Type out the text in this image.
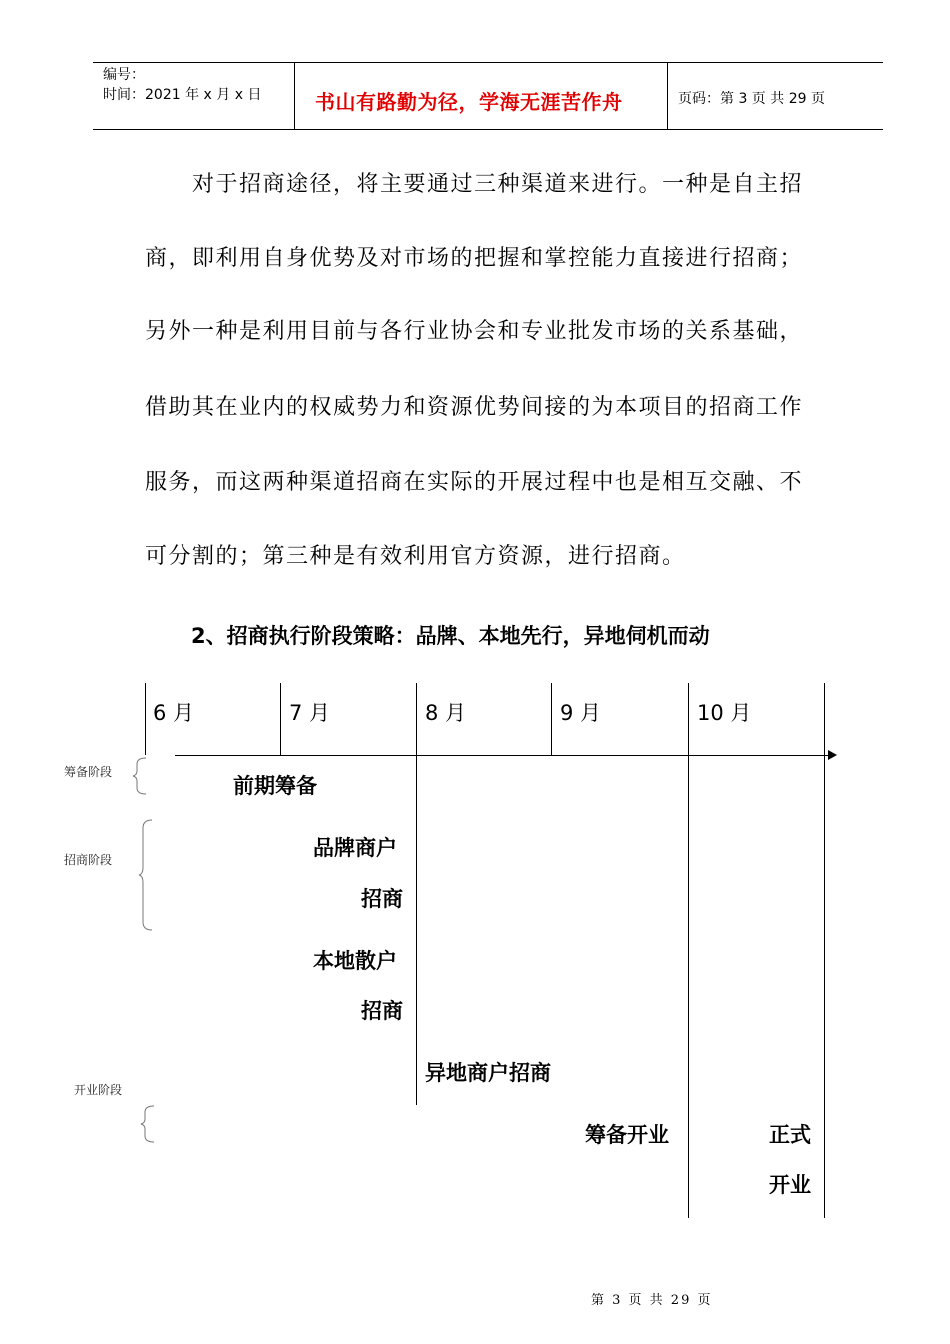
编号：
时间：2021 年 x 月 x 日	书山有路勤为径，学海无涯苦作舟	页码：第 3 页 共 29 页
对于招商途径，将主要通过三种渠道来进行。一种是自主招
商，即利用自身优势及对市场的把握和掌控能力直接进行招商；
另外一种是利用目前与各行业协会和专业批发市场的关系基础，
借助其在业内的权威势力和资源优势间接的为本项目的招商工作
服务，而这两种渠道招商在实际的开展过程中也是相互交融、不
可分割的；第三种是有效利用官方资源，进行招商。
2、招商执行阶段策略：品牌、本地先行，异地伺机而动
6 月	7 月	8 月	9 月	10 月
筹备阶段
招商阶段
开业阶段
前期筹备
品牌商户
招商
本地散户
招商
异地商户招商
筹备开业	正式
开业
第 3 页 共 29 页
